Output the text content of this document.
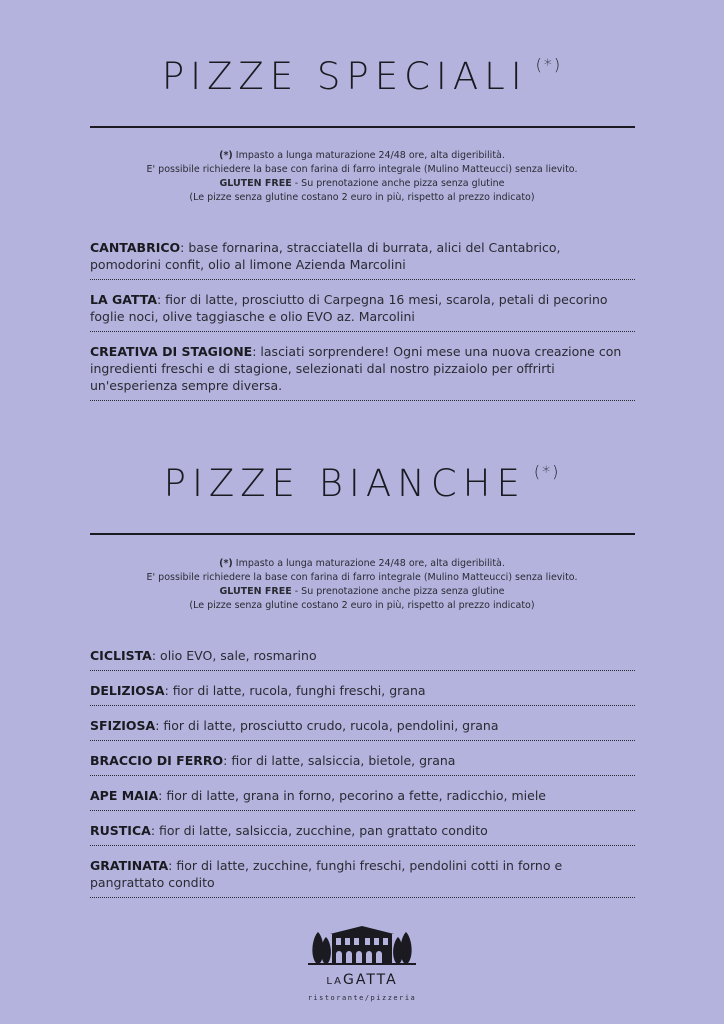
PIZZE SPECIALI (*)
(*) Impasto a lunga maturazione 24/48 ore, alta digeribilità.
E' possibile richiedere la base con farina di farro integrale (Mulino Matteucci) senza lievito.
GLUTEN FREE - Su prenotazione anche pizza senza glutine
(Le pizze senza glutine costano 2 euro in più, rispetto al prezzo indicato)
CANTABRICO: base fornarina, stracciatella di burrata, alici del Cantabrico, pomodorini confit, olio al limone Azienda Marcolini
LA GATTA: fior di latte, prosciutto di Carpegna 16 mesi, scarola, petali di pecorino foglie noci, olive taggiasche e olio EVO az. Marcolini
CREATIVA DI STAGIONE: lasciati sorprendere! Ogni mese una nuova creazione con ingredienti freschi e di stagione, selezionati dal nostro pizzaiolo per offrirti un'esperienza sempre diversa.
PIZZE BIANCHE (*)
(*) Impasto a lunga maturazione 24/48 ore, alta digeribilità.
E' possibile richiedere la base con farina di farro integrale (Mulino Matteucci) senza lievito.
GLUTEN FREE - Su prenotazione anche pizza senza glutine
(Le pizze senza glutine costano 2 euro in più, rispetto al prezzo indicato)
CICLISTA: olio EVO, sale, rosmarino
DELIZIOSA: fior di latte, rucola, funghi freschi, grana
SFIZIOSA: fior di latte, prosciutto crudo, rucola, pendolini, grana
BRACCIO DI FERRO: fior di latte, salsiccia, bietole, grana
APE MAIA: fior di latte, grana in forno, pecorino a fette, radicchio, miele
RUSTICA: fior di latte, salsiccia, zucchine, pan grattato condito
GRATINATA: fior di latte, zucchine, funghi freschi, pendolini cotti in forno e pangrattato condito
LAGATTA
ristorante/pizzeria
